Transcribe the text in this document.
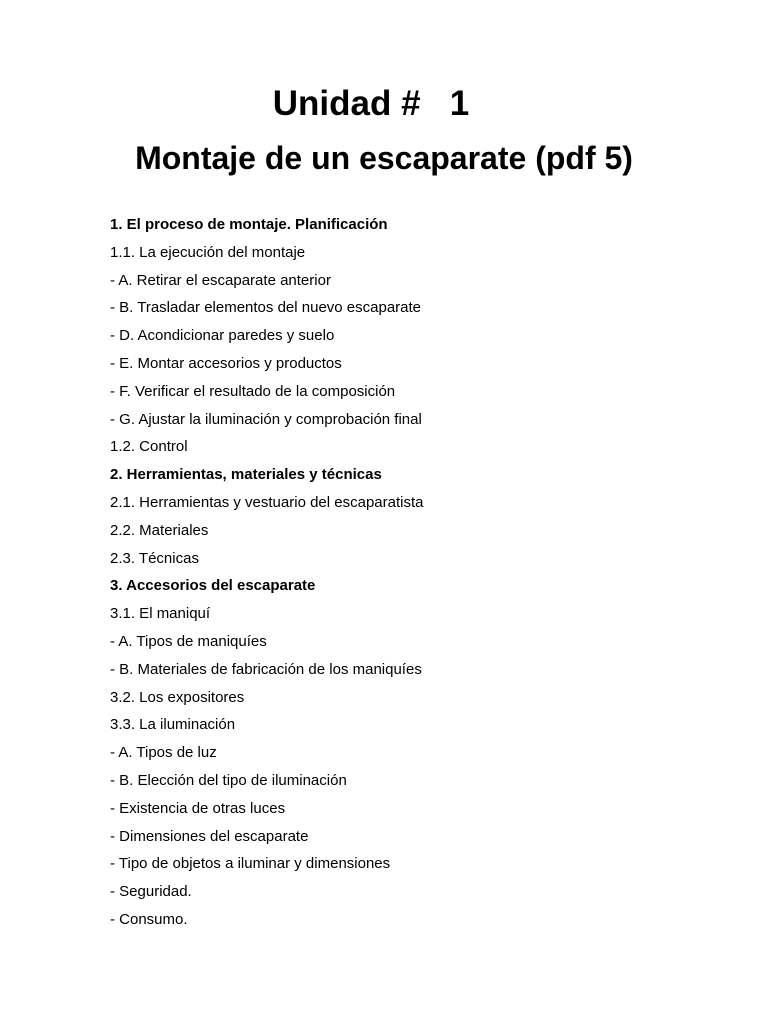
Unidad #   1
Montaje de un escaparate (pdf 5)
1. El proceso de montaje. Planificación
1.1. La ejecución del montaje
- A. Retirar el escaparate anterior
- B. Trasladar elementos del nuevo escaparate
- D. Acondicionar paredes y suelo
- E. Montar accesorios y productos
- F. Verificar el resultado de la composición
- G. Ajustar la iluminación y comprobación final
1.2. Control
2. Herramientas, materiales y técnicas
2.1. Herramientas y vestuario del escaparatista
2.2. Materiales
2.3. Técnicas
3. Accesorios del escaparate
3.1. El maniquí
- A. Tipos de maniquíes
- B. Materiales de fabricación de los maniquíes
3.2. Los expositores
3.3. La iluminación
- A. Tipos de luz
- B. Elección del tipo de iluminación
- Existencia de otras luces
- Dimensiones del escaparate
- Tipo de objetos a iluminar y dimensiones
- Seguridad.
- Consumo.
